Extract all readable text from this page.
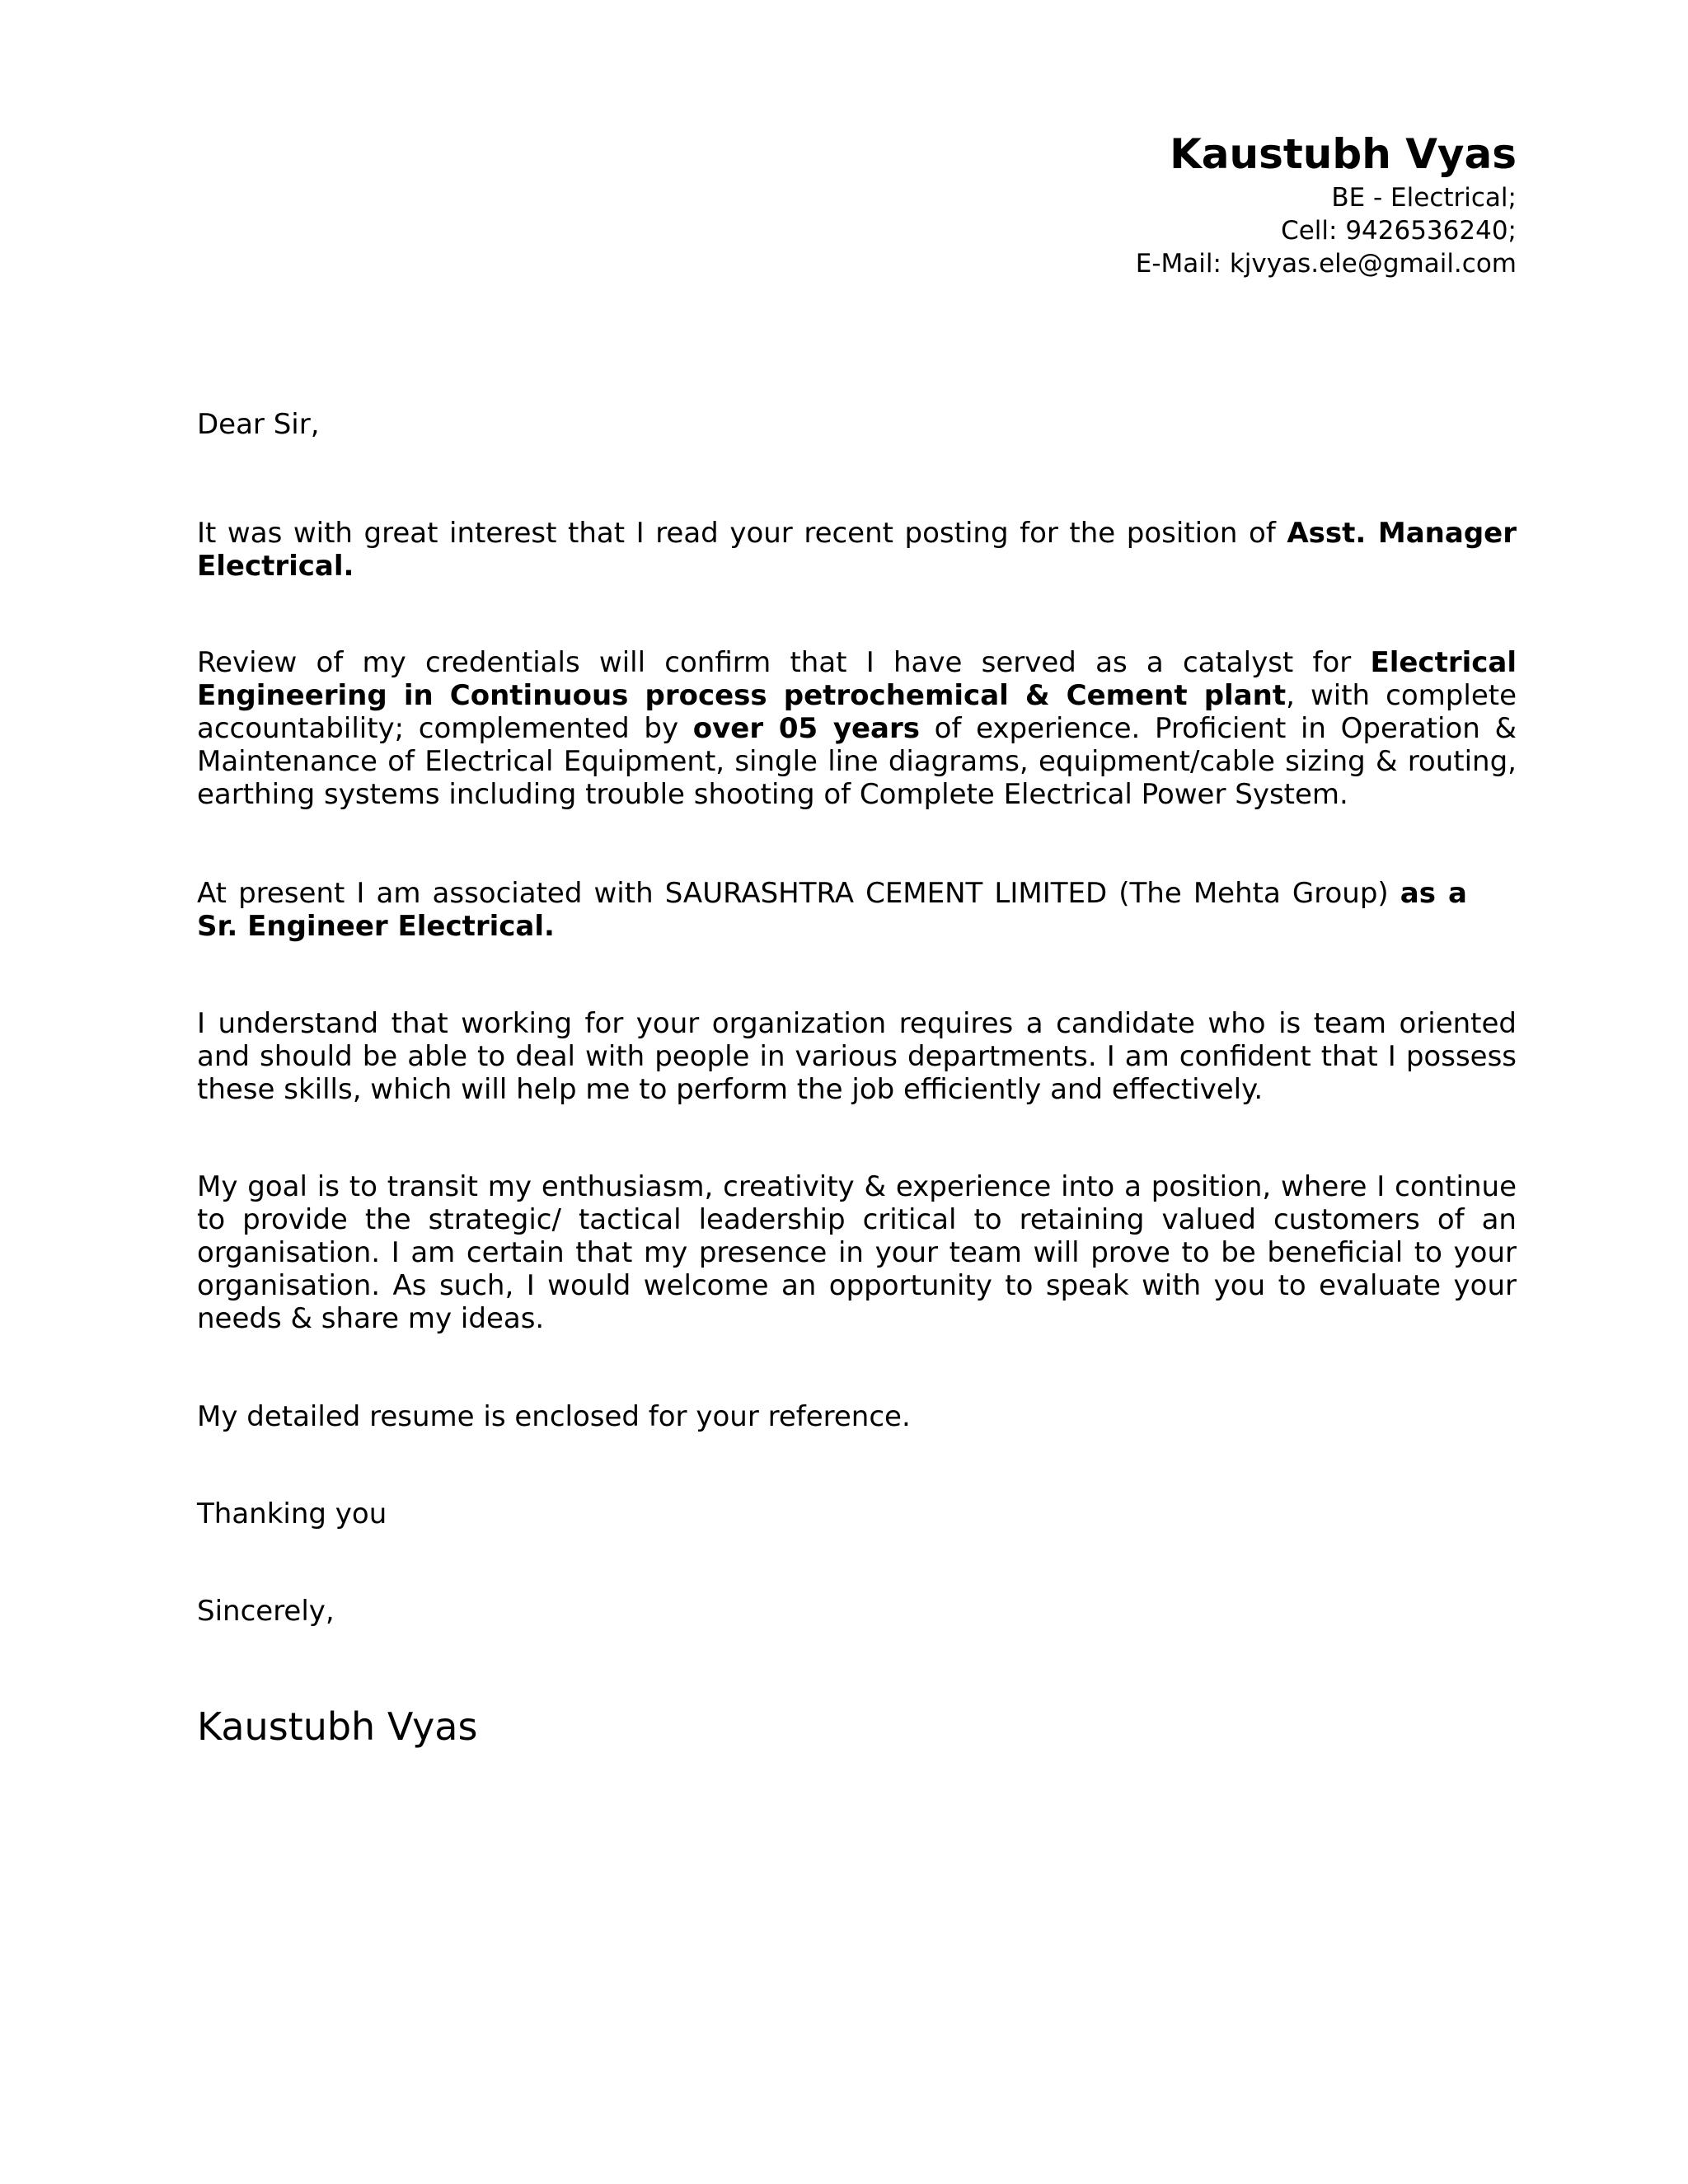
Kaustubh Vyas
BE - Electrical;
Cell: 9426536240;
E-Mail: kjvyas.ele@gmail.com

Dear Sir,

It was with great interest that I read your recent posting for the position of Asst. Manager Electrical.

Review of my credentials will confirm that I have served as a catalyst for Electrical Engineering in Continuous process petrochemical & Cement plant, with complete accountability; complemented by over 05 years of experience. Proficient in Operation & Maintenance of Electrical Equipment, single line diagrams, equipment/cable sizing & routing, earthing systems including trouble shooting of Complete Electrical Power System.

At present I am associated with SAURASHTRA CEMENT LIMITED (The Mehta Group) as aSr. Engineer Electrical.

I understand that working for your organization requires a candidate who is team oriented and should be able to deal with people in various departments. I am confident that I possess these skills, which will help me to perform the job efficiently and effectively.

My goal is to transit my enthusiasm, creativity & experience into a position, where I continue to provide the strategic/ tactical leadership critical to retaining valued customers of an organisation. I am certain that my presence in your team will prove to be beneficial to your organisation. As such, I would welcome an opportunity to speak with you to evaluate your needs & share my ideas.

My detailed resume is enclosed for your reference.

Thanking you

Sincerely,

Kaustubh Vyas
